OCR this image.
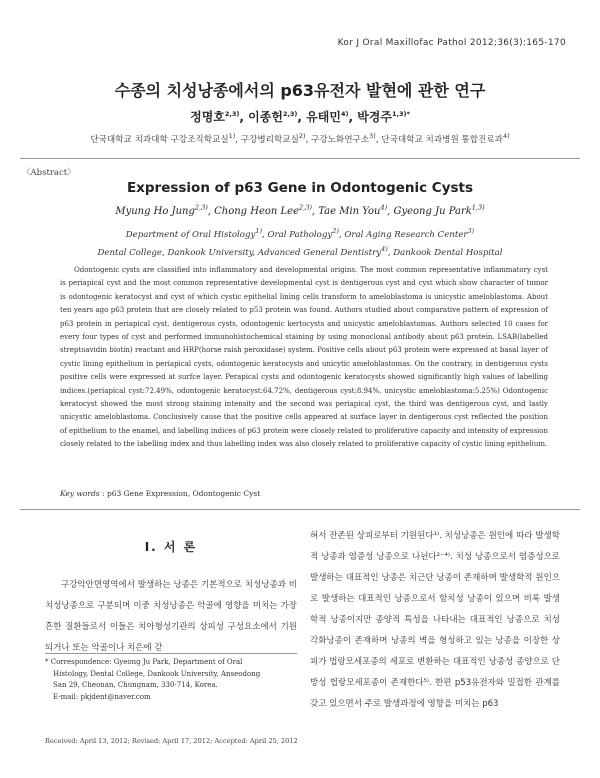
Kor J Oral Maxillofac Pathol 2012;36(3):165-170
수종의 치성낭종에서의 p63유전자 발현에 관한 연구
정명호$^{2,3)}$, 이종헌$^{2,3)}$, 유태민$^{4)}$, 박경주$^{1,3)*}$
단국대학교 치과대학 구강조직학교실$^{1)}$, 구강병리학교실$^{2)}$, 구강노화연구소$^{3)}$, 단국대학교 치과병원 통합진료과$^{4)}$
〈Abstract〉
Expression of p63 Gene in Odontogenic Cysts
Myung Ho Jung$^{2,3)}$, Chong Heon Lee$^{2,3)}$, Tae Min You$^{4)}$, Gyeong Ju Park$^{1,3)}$
Department of Oral Histology$^{1)}$, Oral Pathology$^{2)}$, Oral Aging Research Center$^{3)}$
Dental College, Dankook University, Advanced General Dentistry$^{4)}$, Dankook Dental Hospital
Odontogenic cysts are classified into inflammatory and developmental origins. The most common representative inflammatory cyst is periapical cyst and the most common representative developmental cyst is dentigerous cyst and cyst which show character of tumor is odontogenic keratocyst and cyst of which cystic epithelial lining cells transform to ameloblastoma is unicystic ameloblastoma. About ten years ago p63 protein that are closely related to p53 protein was found. Authors studied about comparative pattern of expression of p63 protein in periapical cyst, dentigerous cysts, odontogenic kertocysts and unicystic ameloblastomas. Authors selected 10 cases for every four types of cyst and performed immunohistochemical staining by using monoclonal antibody about p63 protein. LSAB(labelled streptoavidin biotin) reactant and HRP(horse raish peroxidase) system. Positive cells about p63 protein were expressed at basal layer of cystic lining epithelium in periapical cysts, odontogenic keratocysts and unicytic ameloblastomas. On the contrary, in dentigerous cysts positive cells were expressed at surfce layer. Perapical cysts and odontogenic keratocysts showed significantly high values of labelling indices.(periapical cyst:72.49%, odontogenic keratocyst:64.72%, dentigerous cyst:8.94%, unicystic ameloblastoma:5.25%) Odontogenic keratocyst showed the most strong staining intensity and the second was periapical cyst, the third was dentigerous cyst, and lastly unicystic ameloblastoma. Conclusively cause that the positive cells appeared at surface layer in dentigerous cyst reflected the position of epithelium to the enamel, and labelling indices of p63 protein were closely related to proliferative capacity and intensity of expression closely related to the labelling index and thus labelling index was also closely related to proliferative capacity of cystic lining epithelium.
Key words : p63 Gene Expression, Odontogenic Cyst
Ⅰ. 서 론

구강악안면영역에서 발생하는 낭종은 기본적으로 치성낭종과 비치성낭종으로 구분되며 이중 치성낭종은 악골에 영향을 미치는 가장 흔한 질환들로서 이들은 치아형성기관의 상피성 구성요소에서 기원되거나 또는 악골이나 치은에 갇

혀서 잔존된 상피로부터 기원된다¹⁾. 치성낭종은 원인에 따라 발생학적 낭종과 염증성 낭종으로 나뉜다²⁻⁴⁾. 치성 낭종으로서 염증성으로 발생하는 대표적인 낭종은 치근단 낭종이 존재하며 발생학적 원인으로 발생하는 대표적인 낭종으로서 함치성 낭종이 있으며 비록 발생학적 낭종이지만 종양적 특성을 나타내는 대표적인 낭종으로 치성 각화낭종이 존재하며 낭종의 벽을 형성하고 있는 낭종을 이장한 상피가 법랑모세포종의 세포로 변환하는 대표적인 낭종성 종양으로 단방성 법랑모세포종이 존재한다⁵⁾. 한편 p53유전자와 밀접한 관계를 갖고 있으면서 주로 발생과정에 영향을 미치는 p63

* Correspondence: Gyeong Ju Park, Department of Oral
Histology, Dental College, Dankook University, Anseodong
San 29, Cheonan, Chungnam, 330-714, Korea.
E-mail: pkjdent@naver.com
Received: April 13, 2012; Revised: April 17, 2012; Accepted: April 25, 2012
